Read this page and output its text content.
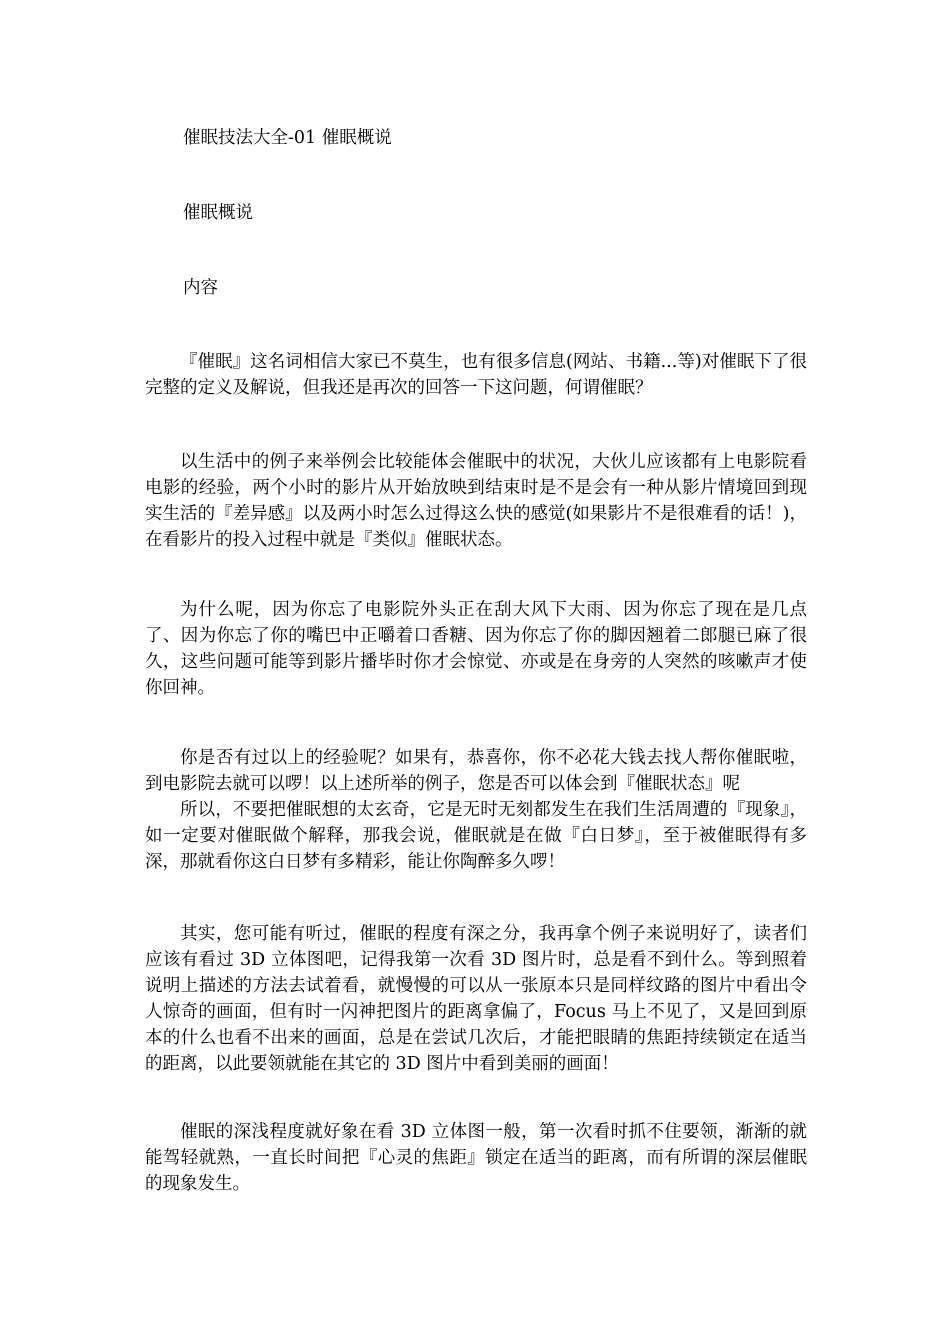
催眠技法大全-01 催眠概说

催眠概说

内容

『催眠』这名词相信大家已不莫生，也有很多信息(网站、书籍...等)对催眠下了很完整的定义及解说，但我还是再次的回答一下这问题，何谓催眠？

以生活中的例子来举例会比较能体会催眠中的状况，大伙儿应该都有上电影院看电影的经验，两个小时的影片从开始放映到结束时是不是会有一种从影片情境回到现实生活的『差异感』以及两小时怎么过得这么快的感觉(如果影片不是很难看的话！)，在看影片的投入过程中就是『类似』催眠状态。

为什么呢，因为你忘了电影院外头正在刮大风下大雨、因为你忘了现在是几点了、因为你忘了你的嘴巴中正嚼着口香糖、因为你忘了你的脚因翘着二郎腿已麻了很久，这些问题可能等到影片播毕时你才会惊觉、亦或是在身旁的人突然的咳嗽声才使你回神。

你是否有过以上的经验呢？如果有，恭喜你，你不必花大钱去找人帮你催眠啦，到电影院去就可以啰！以上述所举的例子，您是否可以体会到『催眠状态』呢

所以，不要把催眠想的太玄奇，它是无时无刻都发生在我们生活周遭的『现象』，如一定要对催眠做个解释，那我会说，催眠就是在做『白日梦』，至于被催眠得有多深，那就看你这白日梦有多精彩，能让你陶醉多久啰！

其实，您可能有听过，催眠的程度有深之分，我再拿个例子来说明好了，读者们应该有看过 3D 立体图吧，记得我第一次看 3D 图片时，总是看不到什么。等到照着说明上描述的方法去试着看，就慢慢的可以从一张原本只是同样纹路的图片中看出令人惊奇的画面，但有时一闪神把图片的距离拿偏了，Focus 马上不见了，又是回到原本的什么也看不出来的画面，总是在尝试几次后，才能把眼睛的焦距持续锁定在适当的距离，以此要领就能在其它的 3D 图片中看到美丽的画面！

催眠的深浅程度就好象在看 3D 立体图一般，第一次看时抓不住要领，渐渐的就能驾轻就熟，一直长时间把『心灵的焦距』锁定在适当的距离，而有所谓的深层催眠的现象发生。
